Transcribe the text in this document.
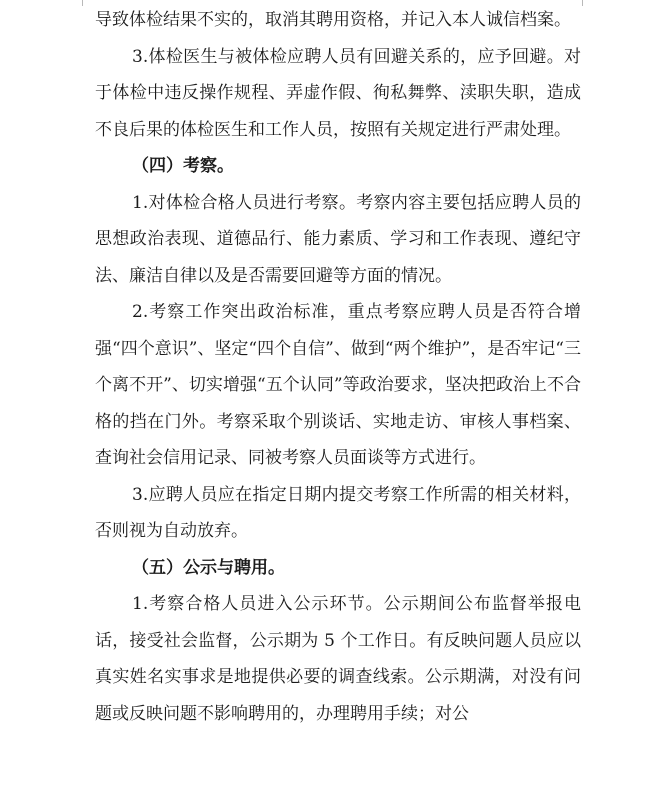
导致体检结果不实的，取消其聘用资格，并记入本人诚信档案。

3.体检医生与被体检应聘人员有回避关系的，应予回避。对于体检中违反操作规程、弄虚作假、徇私舞弊、渎职失职，造成不良后果的体检医生和工作人员，按照有关规定进行严肃处理。

（四）考察。

1.对体检合格人员进行考察。考察内容主要包括应聘人员的思想政治表现、道德品行、能力素质、学习和工作表现、遵纪守法、廉洁自律以及是否需要回避等方面的情况。

2.考察工作突出政治标准，重点考察应聘人员是否符合增强“四个意识”、坚定“四个自信”、做到“两个维护”，是否牢记“三个离不开”、切实增强“五个认同”等政治要求，坚决把政治上不合格的挡在门外。考察采取个别谈话、实地走访、审核人事档案、查询社会信用记录、同被考察人员面谈等方式进行。

3.应聘人员应在指定日期内提交考察工作所需的相关材料，否则视为自动放弃。

（五）公示与聘用。

1.考察合格人员进入公示环节。公示期间公布监督举报电话，接受社会监督，公示期为 5 个工作日。有反映问题人员应以真实姓名实事求是地提供必要的调查线索。公示期满，对没有问题或反映问题不影响聘用的，办理聘用手续；对公
